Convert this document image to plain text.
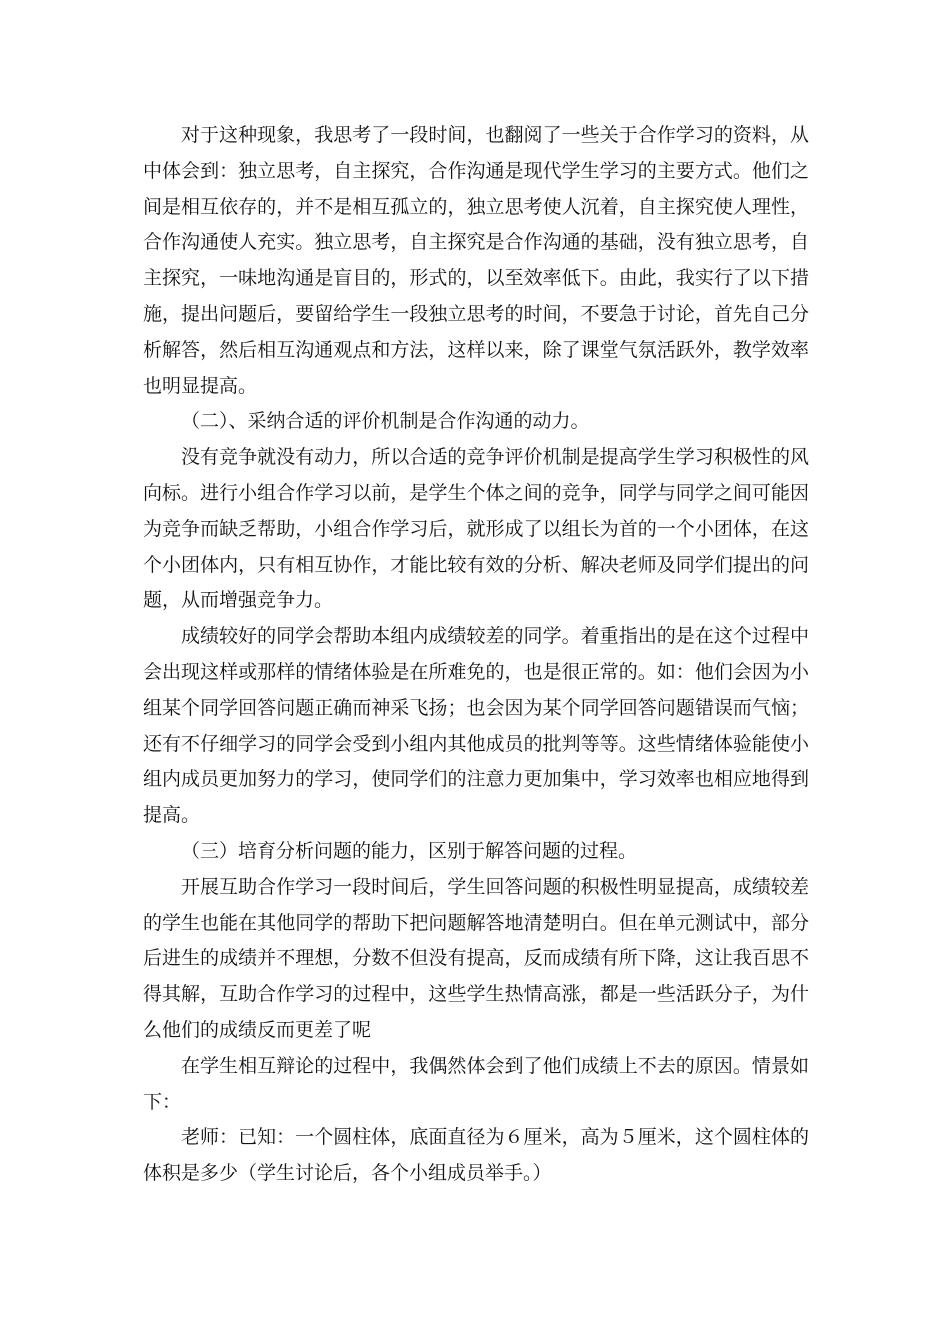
对于这种现象，我思考了一段时间，也翻阅了一些关于合作学习的资料，从中体会到：独立思考，自主探究，合作沟通是现代学生学习的主要方式。他们之间是相互依存的，并不是相互孤立的，独立思考使人沉着，自主探究使人理性，合作沟通使人充实。独立思考，自主探究是合作沟通的基础，没有独立思考，自主探究，一味地沟通是盲目的，形式的，以至效率低下。由此，我实行了以下措施，提出问题后，要留给学生一段独立思考的时间，不要急于讨论，首先自己分析解答，然后相互沟通观点和方法，这样以来，除了课堂气氛活跃外，教学效率也明显提高。

（二）、采纳合适的评价机制是合作沟通的动力。

没有竞争就没有动力，所以合适的竞争评价机制是提高学生学习积极性的风向标。进行小组合作学习以前，是学生个体之间的竞争，同学与同学之间可能因为竞争而缺乏帮助，小组合作学习后，就形成了以组长为首的一个小团体，在这个小团体内，只有相互协作，才能比较有效的分析、解决老师及同学们提出的问题，从而增强竞争力。

成绩较好的同学会帮助本组内成绩较差的同学。着重指出的是在这个过程中会出现这样或那样的情绪体验是在所难免的，也是很正常的。如：他们会因为小组某个同学回答问题正确而神采飞扬；也会因为某个同学回答问题错误而气恼；还有不仔细学习的同学会受到小组内其他成员的批判等等。这些情绪体验能使小组内成员更加努力的学习，使同学们的注意力更加集中，学习效率也相应地得到提高。

（三）培育分析问题的能力，区别于解答问题的过程。

开展互助合作学习一段时间后，学生回答问题的积极性明显提高，成绩较差的学生也能在其他同学的帮助下把问题解答地清楚明白。但在单元测试中，部分后进生的成绩并不理想，分数不但没有提高，反而成绩有所下降，这让我百思不得其解，互助合作学习的过程中，这些学生热情高涨，都是一些活跃分子，为什么他们的成绩反而更差了呢

在学生相互辩论的过程中，我偶然体会到了他们成绩上不去的原因。情景如下：

老师：已知：一个圆柱体，底面直径为６厘米，高为５厘米，这个圆柱体的体积是多少（学生讨论后，各个小组成员举手。）
